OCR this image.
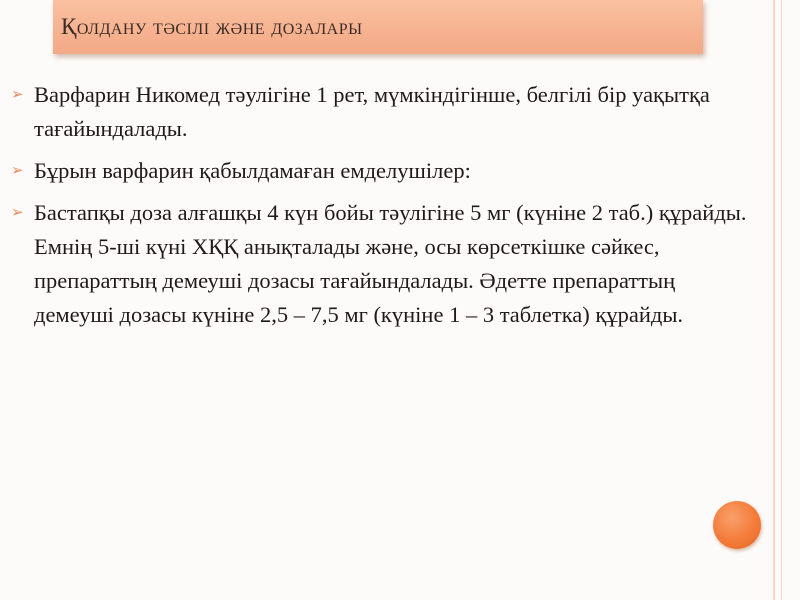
Қолдану тәсілі және дозалары
➢ Варфарин Никомед тәулігіне 1 рет, мүмкіндігінше, белгілі бір уақытқа тағайындалады.
➢ Бұрын варфарин қабылдамаған емделушілер:
➢ Бастапқы доза алғашқы 4 күн бойы тәулігіне 5 мг (күніне 2 таб.) құрайды. Емнің 5-ші күні ХҚҚ анықталады және, осы көрсеткішке сәйкес, препараттың демеуші дозасы тағайындалады. Әдетте препараттың демеуші дозасы күніне 2,5 – 7,5 мг (күніне 1 – 3 таблетка) құрайды.
